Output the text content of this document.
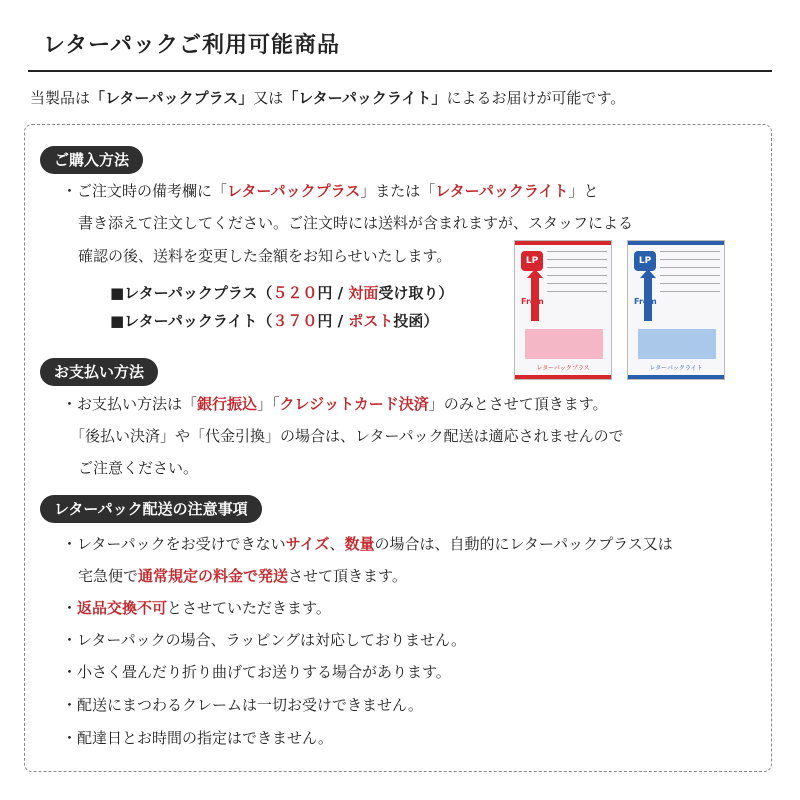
レターパックご利用可能商品
当製品は「レターパックプラス」又は「レターパックライト」によるお届けが可能です。
ご購入方法
・ご注文時の備考欄に「レターパックプラス」または「レターパックライト」と
書き添えて注文してください。ご注文時には送料が含まれますが、スタッフによる
確認の後、送料を変更した金額をお知らせいたします。
■レターパックプラス（５２０円 / 対面受け取り）
■レターパックライト（３７０円 / ポスト投函）
LP
From
レターパックプラス
LP
From
レターパックライト
お支払い方法
・お支払い方法は「銀行振込」「クレジットカード決済」のみとさせて頂きます。
「後払い決済」や「代金引換」の場合は、レターパック配送は適応されませんので
ご注意ください。
レターパック配送の注意事項
・レターパックをお受けできないサイズ、数量の場合は、自動的にレターパックプラス又は
宅急便で通常規定の料金で発送させて頂きます。
・返品交換不可とさせていただきます。
・レターパックの場合、ラッピングは対応しておりません。
・小さく畳んだり折り曲げてお送りする場合があります。
・配送にまつわるクレームは一切お受けできません。
・配達日とお時間の指定はできません。
